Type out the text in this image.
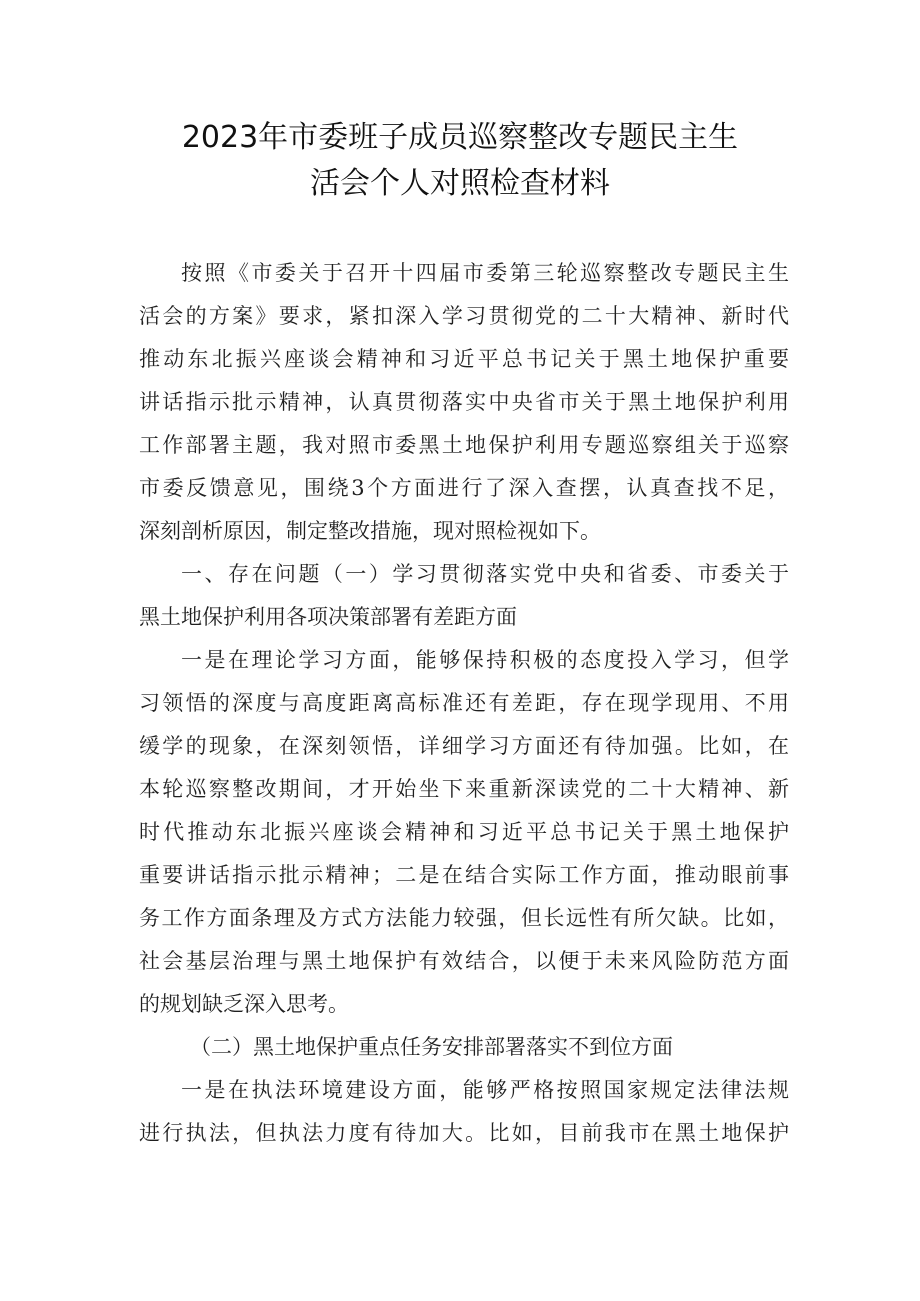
2023年市委班子成员巡察整改专题民主生
活会个人对照检查材料
按照《市委关于召开十四届市委第三轮巡察整改专题民主生
活会的方案》要求，紧扣深入学习贯彻党的二十大精神、新时代
推动东北振兴座谈会精神和习近平总书记关于黑土地保护重要
讲话指示批示精神，认真贯彻落实中央省市关于黑土地保护利用
工作部署主题，我对照市委黑土地保护利用专题巡察组关于巡察
市委反馈意见，围绕3个方面进行了深入查摆，认真查找不足，
深刻剖析原因，制定整改措施，现对照检视如下。
一、存在问题（一）学习贯彻落实党中央和省委、市委关于
黑土地保护利用各项决策部署有差距方面
一是在理论学习方面，能够保持积极的态度投入学习，但学
习领悟的深度与高度距离高标准还有差距，存在现学现用、不用
缓学的现象，在深刻领悟，详细学习方面还有待加强。比如，在
本轮巡察整改期间，才开始坐下来重新深读党的二十大精神、新
时代推动东北振兴座谈会精神和习近平总书记关于黑土地保护
重要讲话指示批示精神；二是在结合实际工作方面，推动眼前事
务工作方面条理及方式方法能力较强，但长远性有所欠缺。比如，
社会基层治理与黑土地保护有效结合，以便于未来风险防范方面
的规划缺乏深入思考。
（二）黑土地保护重点任务安排部署落实不到位方面
一是在执法环境建设方面，能够严格按照国家规定法律法规
进行执法，但执法力度有待加大。比如，目前我市在黑土地保护
